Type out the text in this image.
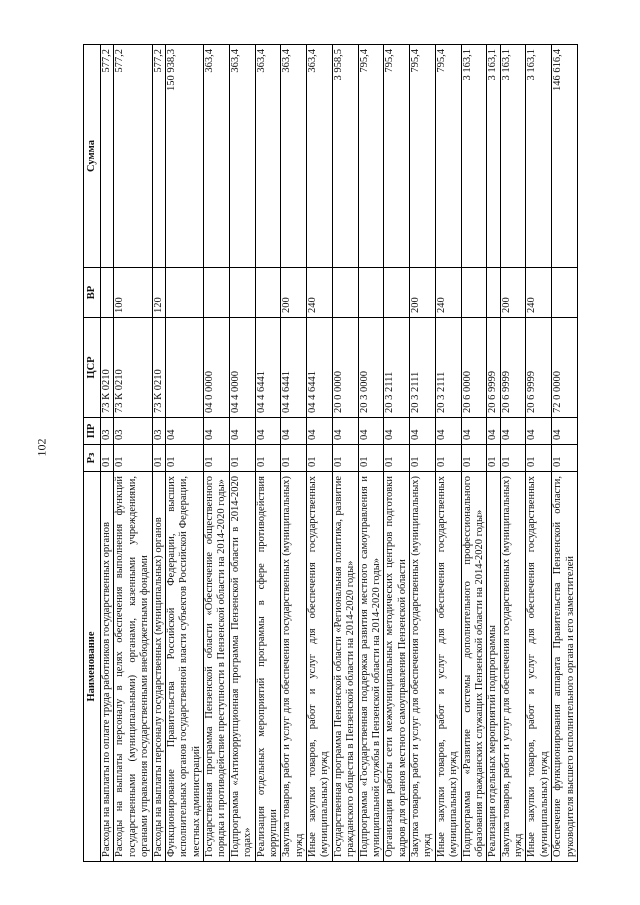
102
Наименование	Рз	ПР	ЦСР	ВР	Сумма
Расходы на выплаты по оплате труда работников государственных органов	01	03	73 К 0210		577,2
Расходы на выплаты персоналу в целях обеспечения выполнения функций государственными (муниципальными) органами, казенными учреждениями, органами управления государственными внебюджетными фондами	01	03	73 К 0210	100	577,2
Расходы на выплаты персоналу государственных (муниципальных) органов	01	03	73 К 0210	120	577,2
Функционирование Правительства Российской Федерации, высших исполнительных органов государственной власти субъектов Российской Федерации, местных администраций	01	04			150 938,3
Государственная программа Пензенской области «Обеспечение общественного порядка и противодействие преступности в Пензенской области на 2014-2020 годы»	01	04	04 0 0000		363,4
Подпрограмма «Антикоррупционная программа Пензенской области в 2014-2020 годах»	01	04	04 4 0000		363,4
Реализация отдельных мероприятий программы в сфере противодействия коррупции	01	04	04 4 6441		363,4
Закупка товаров, работ и услуг для обеспечения государственных (муниципальных) нужд	01	04	04 4 6441	200	363,4
Иные закупки товаров, работ и услуг для обеспечения государственных (муниципальных) нужд	01	04	04 4 6441	240	363,4
Государственная программа Пензенской области «Региональная политика, развитие гражданского общества в Пензенской области на 2014-2020 годы»	01	04	20 0 0000		3 958,5
Подпрограмма «Государственная поддержка развития местного самоуправления и муниципальной службы в Пензенской области на 2014-2020 годы»	01	04	20 3 0000		795,4
Организация работы сети межмуниципальных методических центров подготовки кадров для органов местного самоуправления Пензенской области	01	04	20 3 2111		795,4
Закупка товаров, работ и услуг для обеспечения государственных (муниципальных) нужд	01	04	20 3 2111	200	795,4
Иные закупки товаров, работ и услуг для обеспечения государственных (муниципальных) нужд	01	04	20 3 2111	240	795,4
Подпрограмма «Развитие системы дополнительного профессионального образования гражданских служащих Пензенской области на 2014-2020 годы»	01	04	20 6 0000		3 163,1
Реализация отдельных мероприятий подпрограммы	01	04	20 6 9999		3 163,1
Закупка товаров, работ и услуг для обеспечения государственных (муниципальных) нужд	01	04	20 6 9999	200	3 163,1
Иные закупки товаров, работ и услуг для обеспечения государственных (муниципальных) нужд	01	04	20 6 9999	240	3 163,1
Обеспечение функционирования аппарата Правительства Пензенской области, руководителя высшего исполнительного органа и его заместителей	01	04	72 0 0000		146 616,4
